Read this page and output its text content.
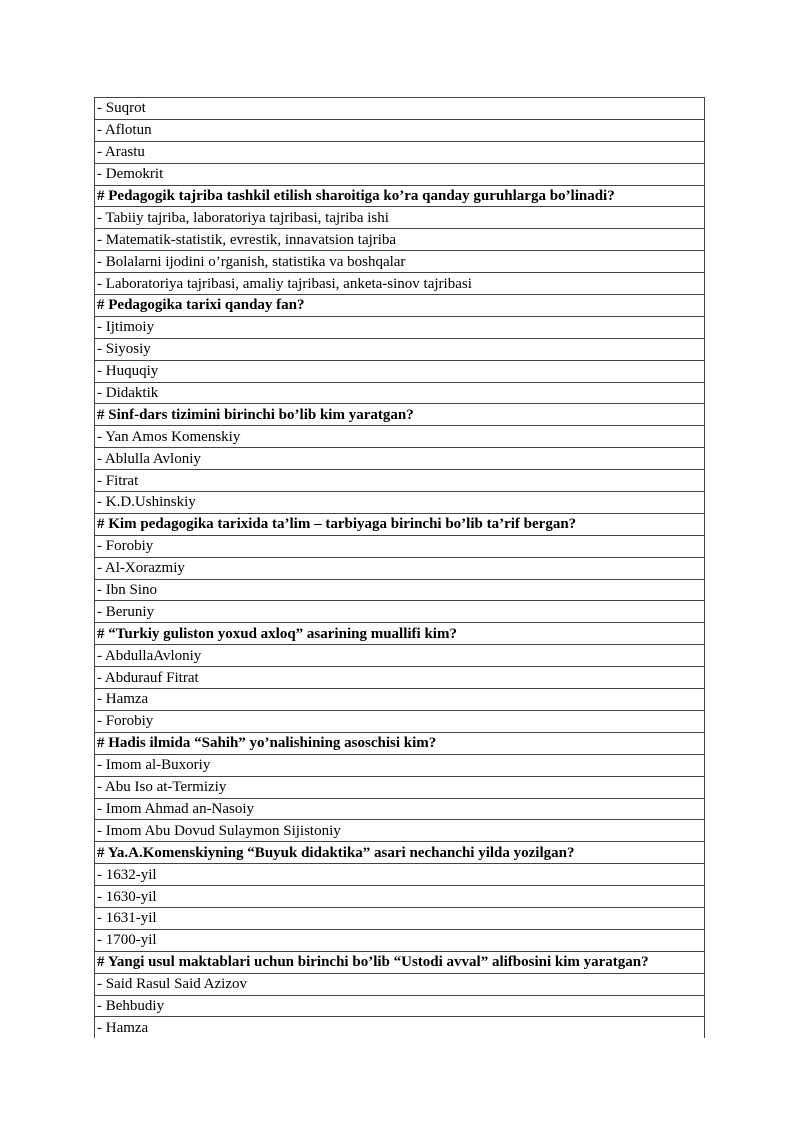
- Suqrot
- Aflotun
- Arastu
- Demokrit
# Pedagogik tajriba tashkil etilish sharoitiga ko’ra qanday guruhlarga bo’linadi?
- Tabiiy tajriba, laboratoriya tajribasi, tajriba ishi
- Matematik-statistik, evrestik, innavatsion tajriba
- Bolalarni ijodini o’rganish, statistika va boshqalar
- Laboratoriya tajribasi, amaliy tajribasi, anketa-sinov tajribasi
# Pedagogika tarixi qanday fan?
- Ijtimoiy
- Siyosiy
- Huquqiy
- Didaktik
# Sinf-dars tizimini birinchi bo’lib kim yaratgan?
- Yan Amos Komenskiy
- Ablulla Avloniy
- Fitrat
- K.D.Ushinskiy
# Kim pedagogika tarixida ta’lim – tarbiyaga birinchi bo’lib ta’rif bergan?
- Forobiy
- Al-Xorazmiy
- Ibn Sino
- Beruniy
# “Turkiy guliston yoxud axloq” asarining muallifi kim?
- AbdullaAvloniy
- Abdurauf Fitrat
- Hamza
- Forobiy
# Hadis ilmida “Sahih” yo’nalishining asoschisi kim?
- Imom al-Buxoriy
- Abu Iso at-Termiziy
- Imom Ahmad an-Nasoiy
- Imom Abu Dovud Sulaymon Sijistoniy
# Ya.A.Komenskiyning “Buyuk didaktika” asari nechanchi yilda yozilgan?
- 1632-yil
- 1630-yil
- 1631-yil
- 1700-yil
# Yangi usul maktablari uchun birinchi bo’lib “Ustodi avval” alifbosini kim yaratgan?
- Said Rasul Said Azizov
- Behbudiy
- Hamza
